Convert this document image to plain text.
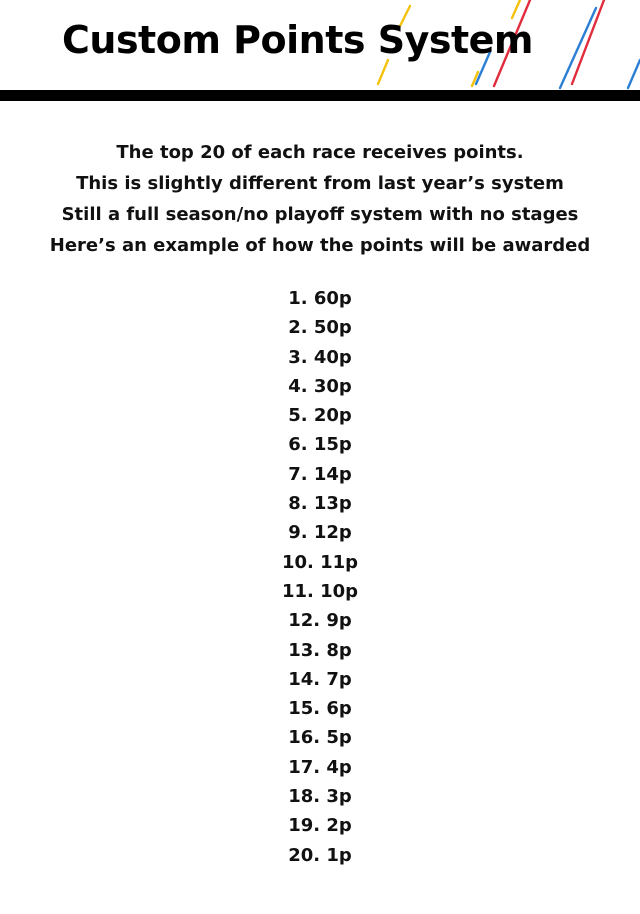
Custom Points System
The top 20 of each race receives points.
This is slightly different from last year’s system
Still a full season/no playoff system with no stages
Here’s an example of how the points will be awarded
1. 60p
2. 50p
3. 40p
4. 30p
5. 20p
6. 15p
7. 14p
8. 13p
9. 12p
10. 11p
11. 10p
12. 9p
13. 8p
14. 7p
15. 6p
16. 5p
17. 4p
18. 3p
19. 2p
20. 1p
